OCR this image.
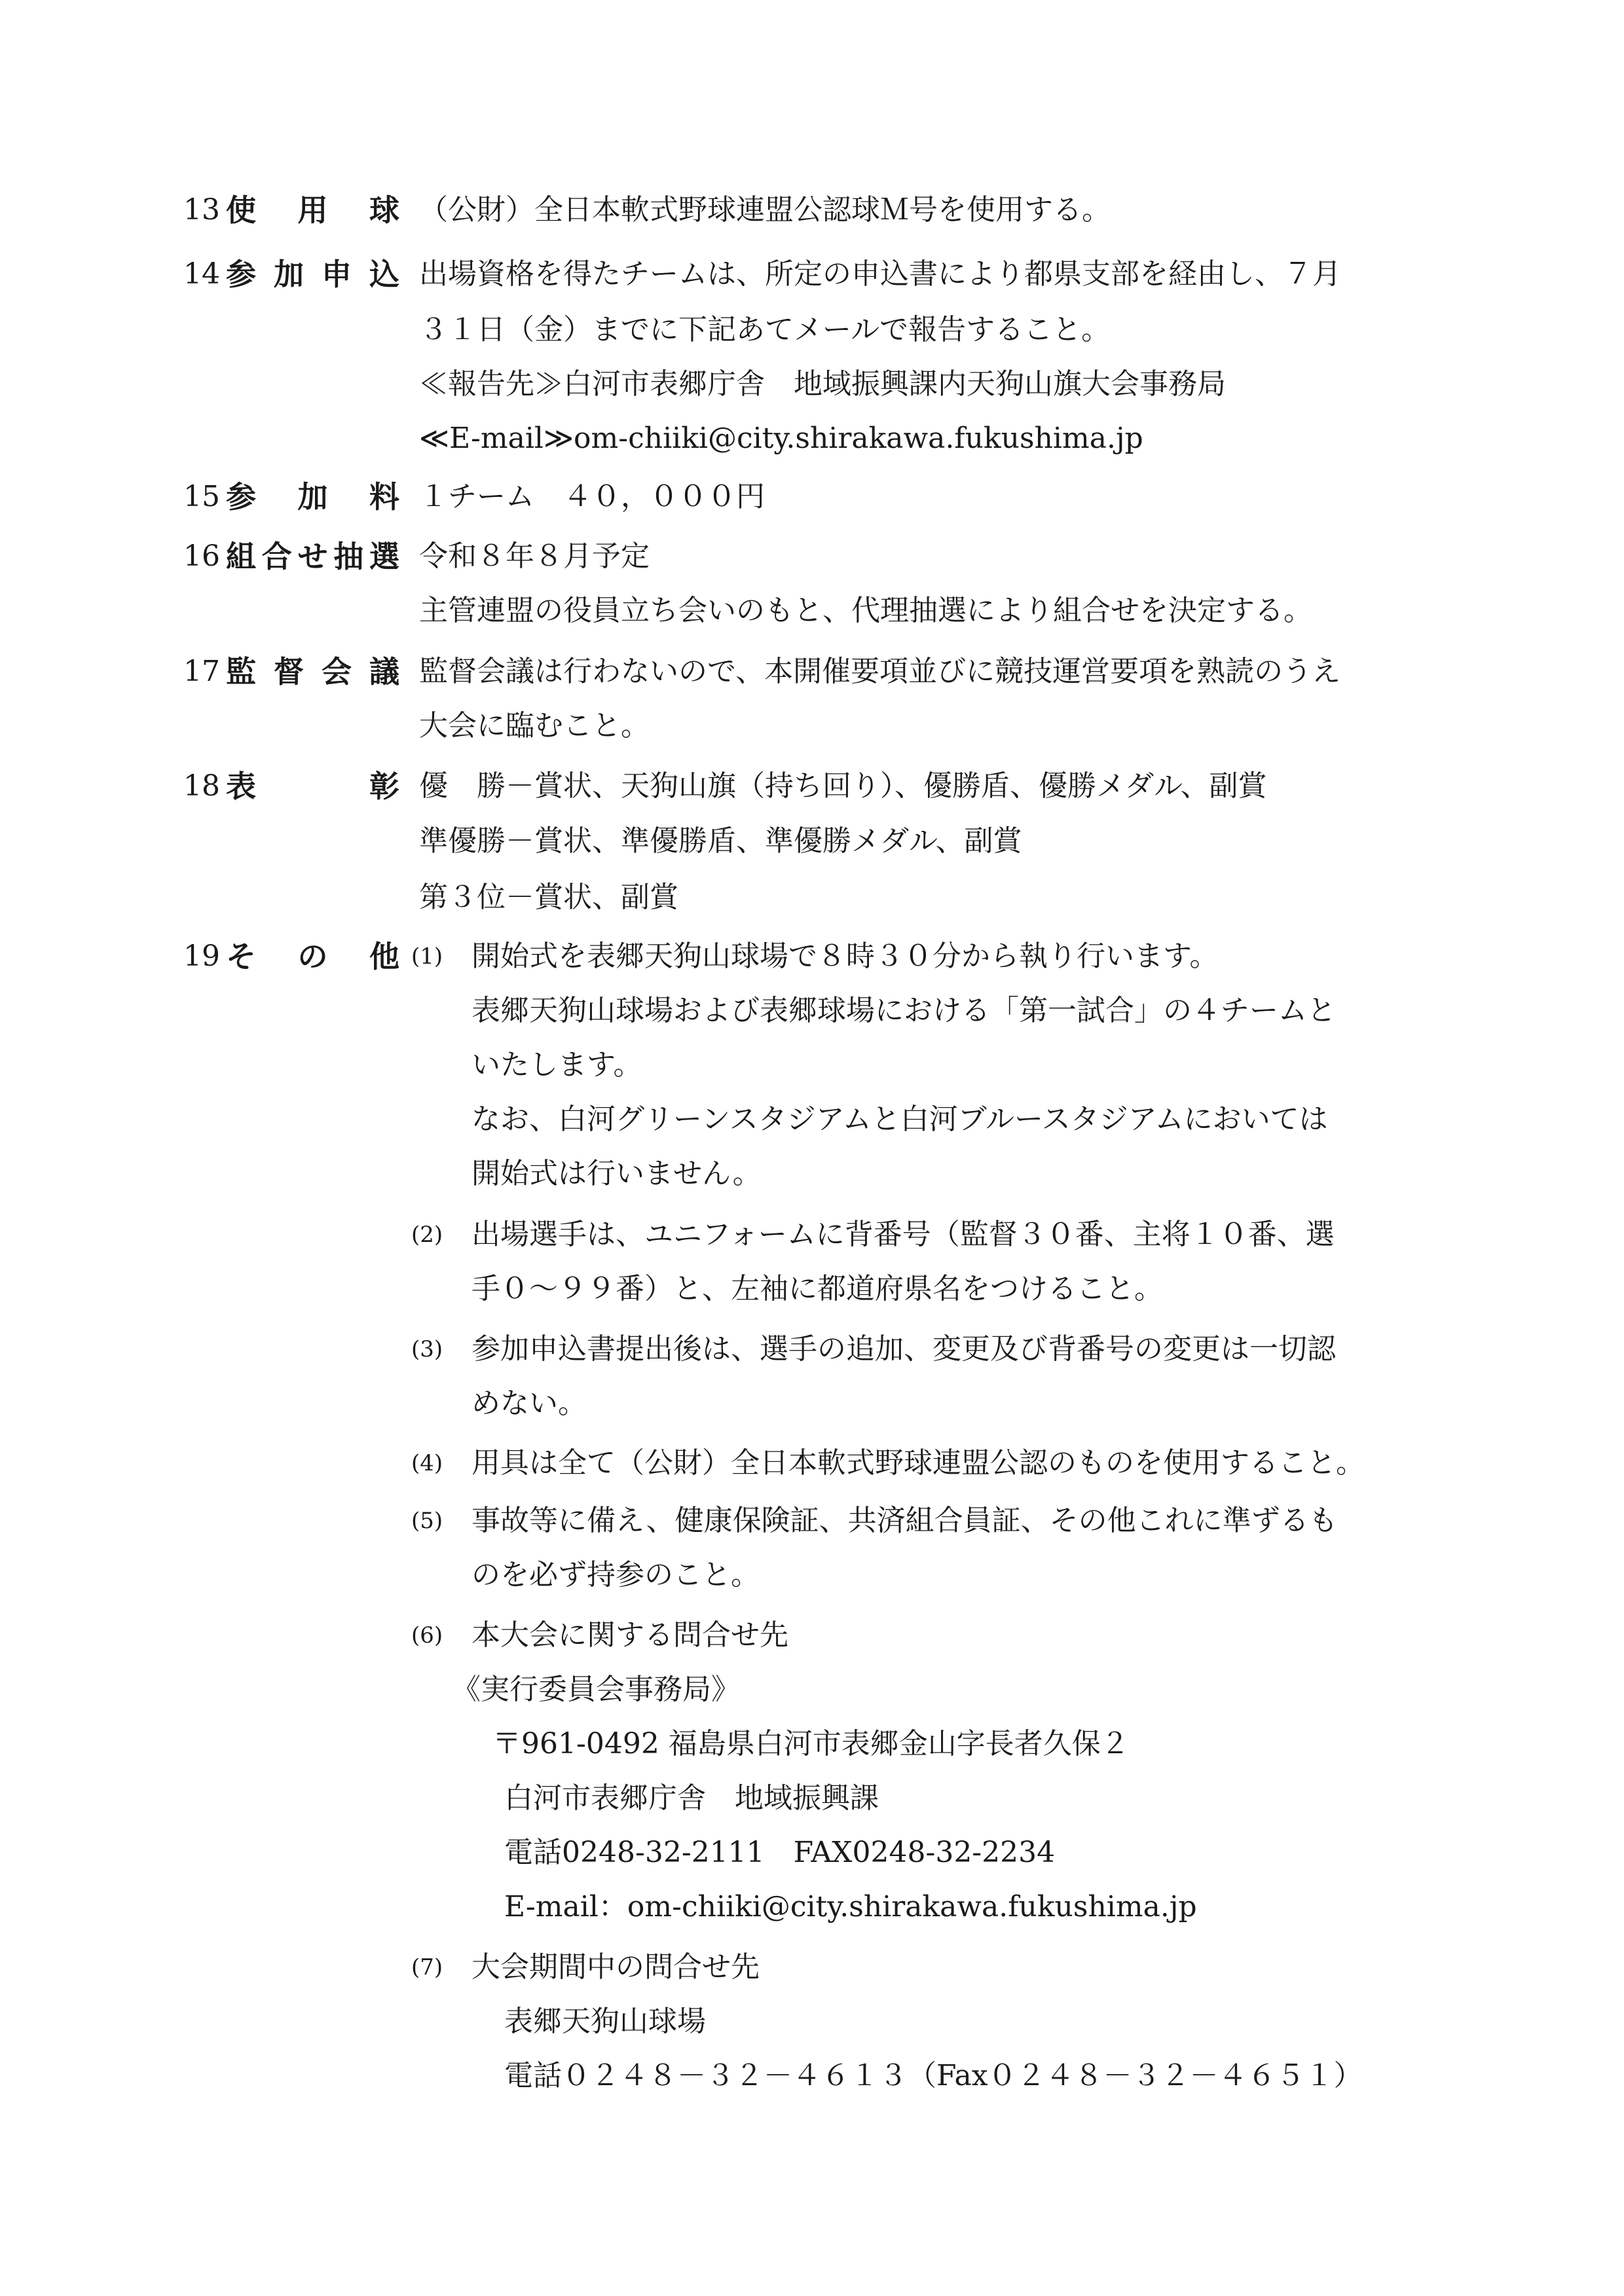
13 使 用 球 （公財）全日本軟式野球連盟公認球Ｍ号を使用する。
14 参 加 申 込 出場資格を得たチームは、所定の申込書により都県支部を経由し、７月
３１日（金）までに下記あてメールで報告すること。
≪報告先≫白河市表郷庁舎　地域振興課内天狗山旗大会事務局
≪E-mail≫om-chiiki@city.shirakawa.fukushima.jp
15 参 加 料 １チーム　４０，０００円
16 組 合 せ 抽 選 令和８年８月予定
主管連盟の役員立ち会いのもと、代理抽選により組合せを決定する。
17 監 督 会 議 監督会議は行わないので、本開催要項並びに競技運営要項を熟読のうえ
大会に臨むこと。
18 表	彰 優　勝－賞状、天狗山旗（持ち回り）、優勝盾、優勝メダル、副賞
準優勝－賞状、準優勝盾、準優勝メダル、副賞
第３位－賞状、副賞
19 そ の 他 (1) 開始式を表郷天狗山球場で８時３０分から執り行います。
表郷天狗山球場および表郷球場における「第一試合」の４チームと
いたします。
なお、白河グリーンスタジアムと白河ブルースタジアムにおいては
開始式は行いません。
(2) 出場選手は、ユニフォームに背番号（監督３０番、主将１０番、選
手０～９９番）と、左袖に都道府県名をつけること。
(3) 参加申込書提出後は、選手の追加、変更及び背番号の変更は一切認
めない。
(4) 用具は全て（公財）全日本軟式野球連盟公認のものを使用すること。
(5) 事故等に備え、健康保険証、共済組合員証、その他これに準ずるも
のを必ず持参のこと。
(6) 本大会に関する問合せ先
《実行委員会事務局》
〒961-0492 福島県白河市表郷金山字長者久保２
白河市表郷庁舎　地域振興課
電話0248-32-2111　FAX0248-32-2234
E-mail：om-chiiki@city.shirakawa.fukushima.jp
(7) 大会期間中の問合せ先
表郷天狗山球場
電話０２４８－３２－４６１３（Fax０２４８－３２－４６５１）
